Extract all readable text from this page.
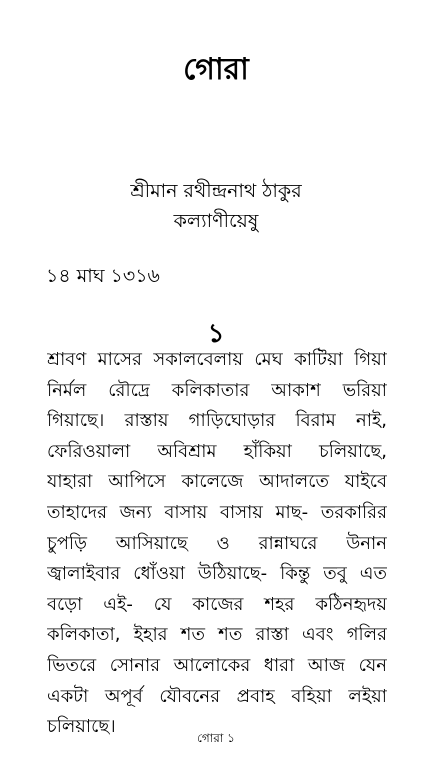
গোরা
শ্রীমান রথীন্দ্রনাথ ঠাকুর
কল্যাণীয়েষু
১৪ মাঘ ১৩১৬
১
শ্রাবণ মাসের সকালবেলায় মেঘ কাটিয়া গিয়া
নির্মল রৌদ্রে কলিকাতার আকাশ ভরিয়া
গিয়াছে। রাস্তায় গাড়িঘোড়ার বিরাম নাই,
ফেরিওয়ালা অবিশ্রাম হাঁকিয়া চলিয়াছে,
যাহারা আপিসে কালেজে আদালতে যাইবে
তাহাদের জন্য বাসায় বাসায় মাছ- তরকারির
চুপড়ি আসিয়াছে ও রান্নাঘরে উনান
জ্বালাইবার ধোঁওয়া উঠিয়াছে- কিন্তু তবু এত
বড়ো এই- যে কাজের শহর কঠিনহৃদয়
কলিকাতা, ইহার শত শত রাস্তা এবং গলির
ভিতরে সোনার আলোকের ধারা আজ যেন
একটা অপূর্ব যৌবনের প্রবাহ বহিয়া লইয়া
চলিয়াছে।
গোরা ১
